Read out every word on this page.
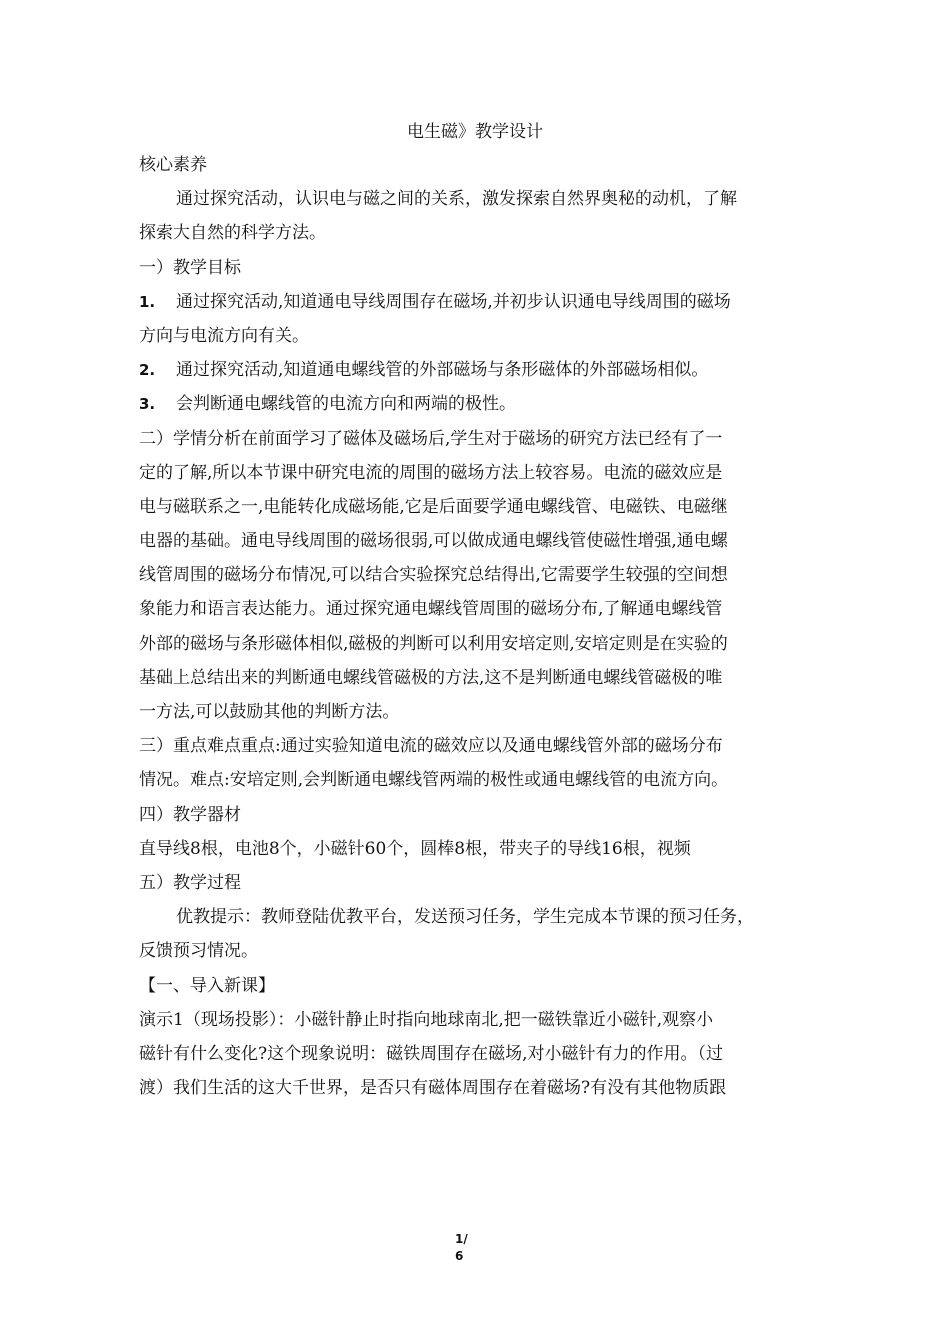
电生磁》教学设计
核心素养
通过探究活动，认识电与磁之间的关系，激发探索自然界奥秘的动机，了解
探索大自然的科学方法。
一）教学目标
1. 通过探究活动,知道通电导线周围存在磁场,并初步认识通电导线周围的磁场
方向与电流方向有关。
2. 通过探究活动,知道通电螺线管的外部磁场与条形磁体的外部磁场相似。
3. 会判断通电螺线管的电流方向和两端的极性。
二）学情分析在前面学习了磁体及磁场后,学生对于磁场的研究方法已经有了一
定的了解,所以本节课中研究电流的周围的磁场方法上较容易。电流的磁效应是
电与磁联系之一,电能转化成磁场能,它是后面要学通电螺线管、电磁铁、电磁继
电器的基础。通电导线周围的磁场很弱,可以做成通电螺线管使磁性增强,通电螺
线管周围的磁场分布情况,可以结合实验探究总结得出,它需要学生较强的空间想
象能力和语言表达能力。通过探究通电螺线管周围的磁场分布,了解通电螺线管
外部的磁场与条形磁体相似,磁极的判断可以利用安培定则,安培定则是在实验的
基础上总结出来的判断通电螺线管磁极的方法,这不是判断通电螺线管磁极的唯
一方法,可以鼓励其他的判断方法。
三）重点难点重点:通过实验知道电流的磁效应以及通电螺线管外部的磁场分布
情况。难点:安培定则,会判断通电螺线管两端的极性或通电螺线管的电流方向。
四）教学器材
直导线8根，电池8个，小磁针60个，圆棒8根，带夹子的导线16根，视频
五）教学过程
优教提示：教师登陆优教平台，发送预习任务，学生完成本节课的预习任务，
反馈预习情况。
【一、导入新课】
演示1（现场投影）：小磁针静止时指向地球南北,把一磁铁靠近小磁针,观察小
磁针有什么变化?这个现象说明：磁铁周围存在磁场,对小磁针有力的作用。（过
渡）我们生活的这大千世界，是否只有磁体周围存在着磁场?有没有其他物质跟
1/
6
